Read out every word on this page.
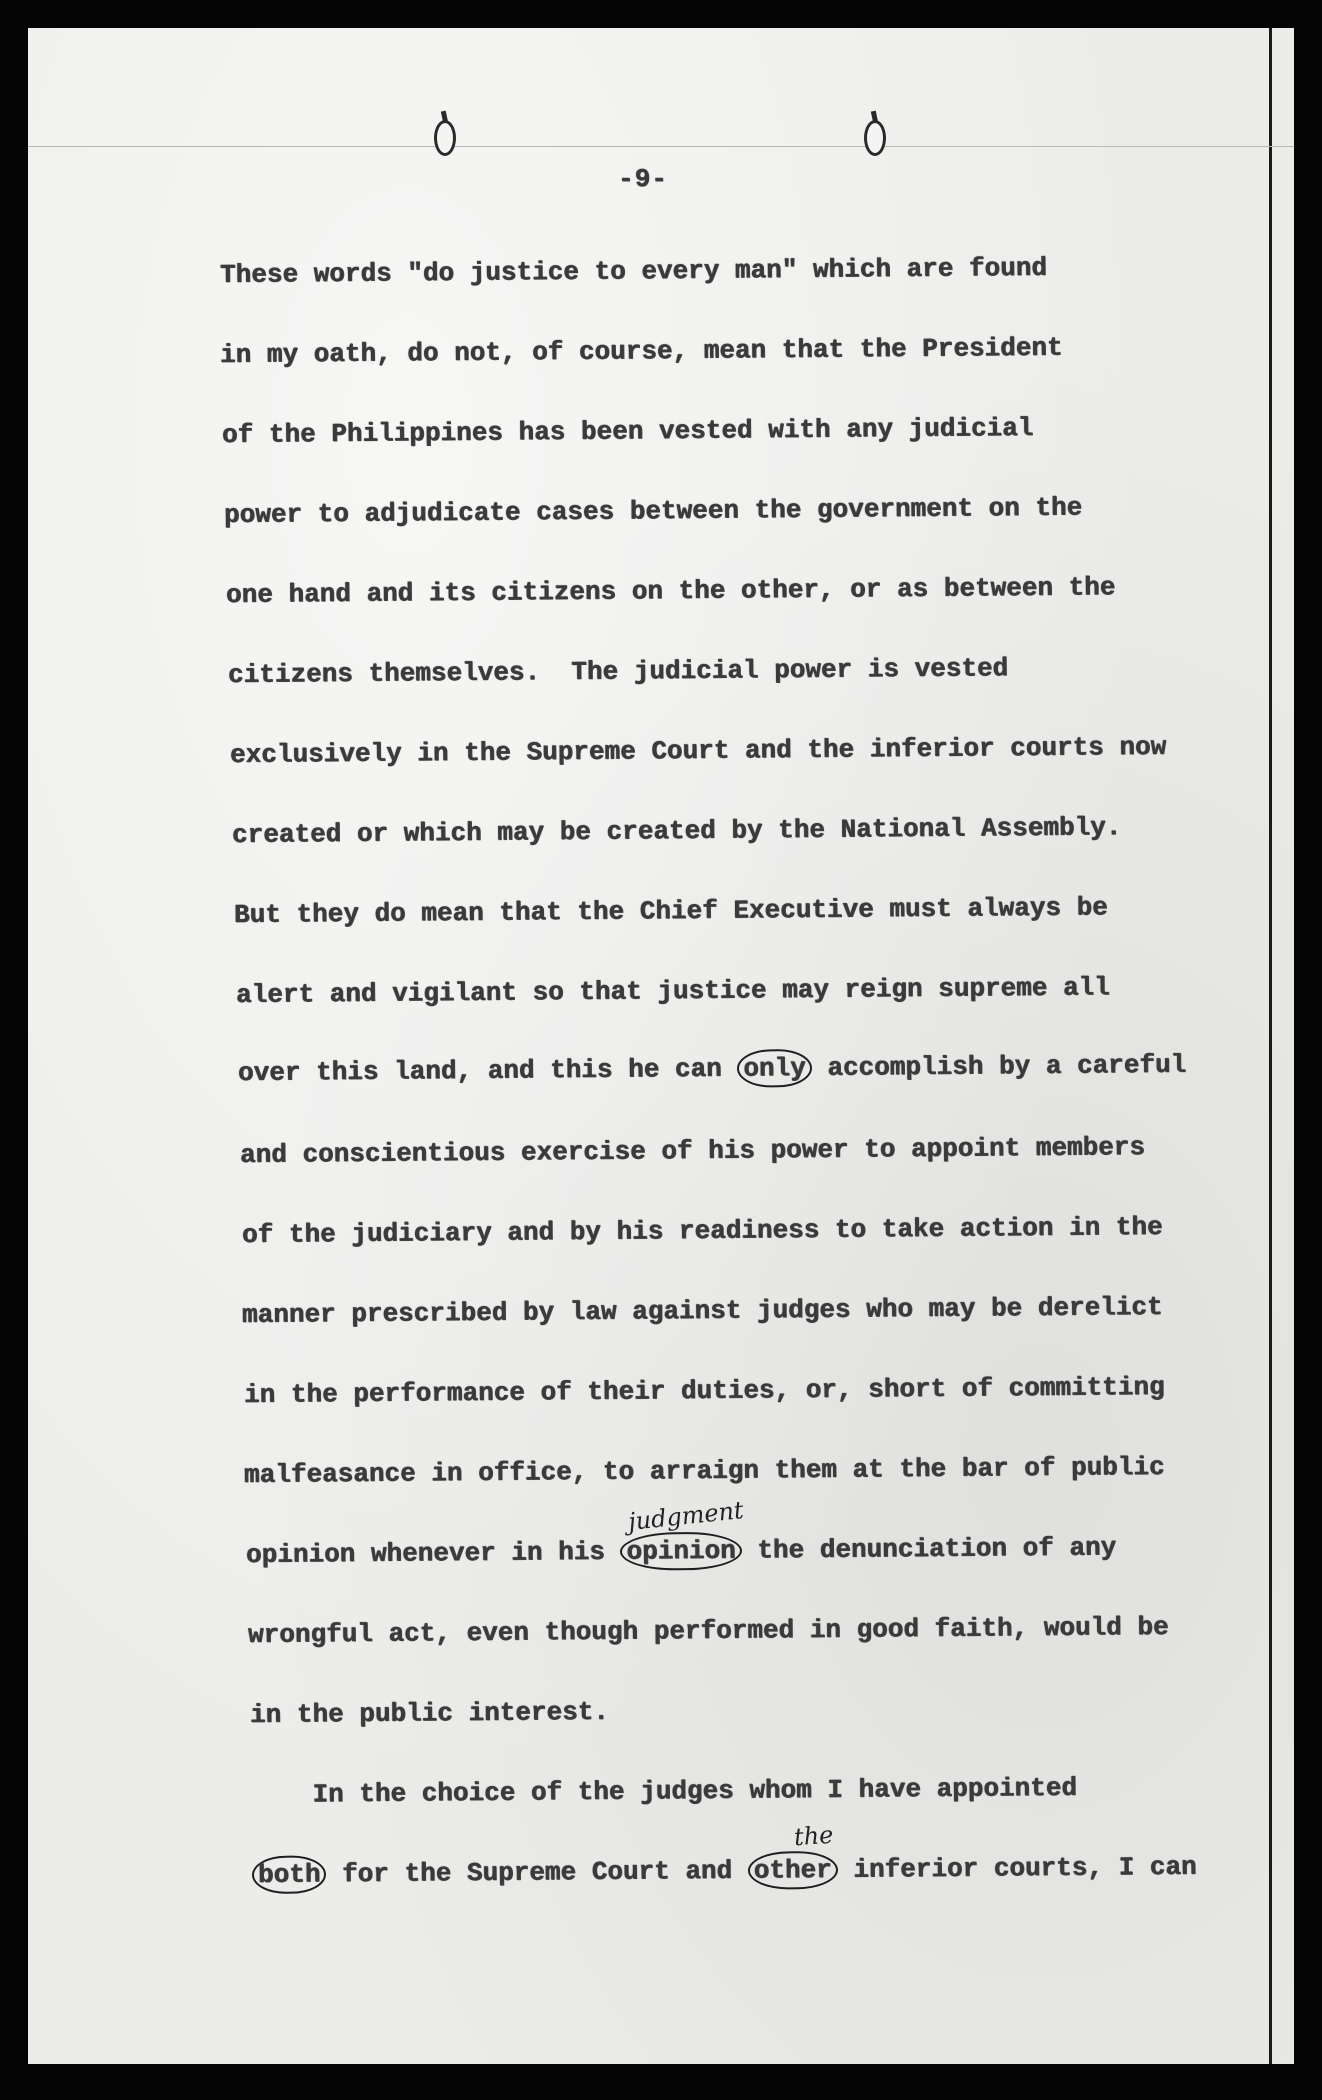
-9-

These words "do justice to every man" which are found

in my oath, do not, of course, mean that the President

of the Philippines has been vested with any judicial

power to adjudicate cases between the government on the

one hand and its citizens on the other, or as between the

citizens themselves.  The judicial power is vested

exclusively in the Supreme Court and the inferior courts now

created or which may be created by the National Assembly.

But they do mean that the Chief Executive must always be

alert and vigilant so that justice may reign supreme all

over this land, and this he can only accomplish by a careful

and conscientious exercise of his power to appoint members

of the judiciary and by his readiness to take action in the

manner prescribed by law against judges who may be derelict

in the performance of their duties, or, short of committing

malfeasance in office, to arraign them at the bar of public

opinion whenever in his opinion the denunciation of any

wrongful act, even though performed in good faith, would be

in the public interest.

In the choice of the judges whom I have appointed

both for the Supreme Court and other inferior courts, I can

judgment
the
